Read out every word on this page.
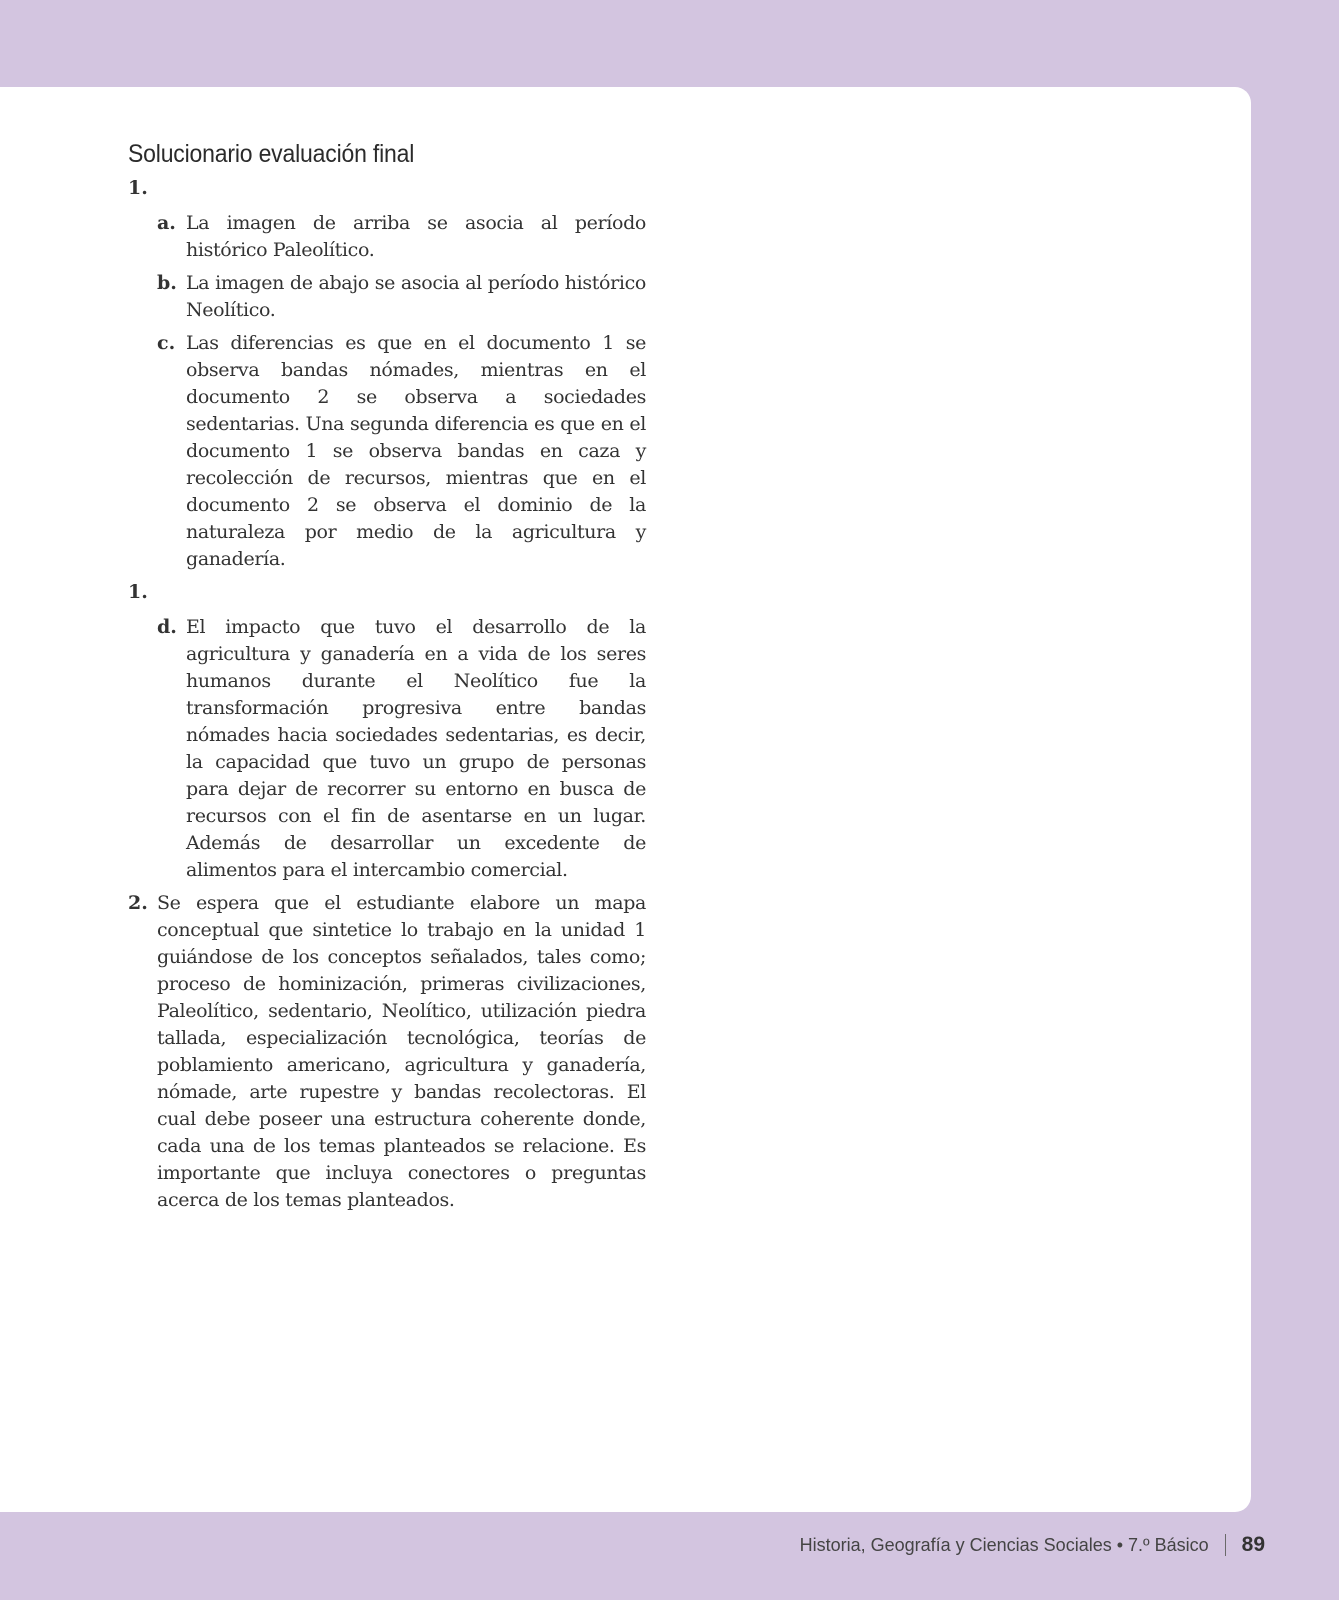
Solucionario evaluación final
1.
a. La imagen de arriba se asocia al período histórico Paleolítico.
b. La imagen de abajo se asocia al período histórico Neolítico.
c. Las diferencias es que en el documento 1 se observa bandas nómades, mientras en el documento 2 se observa a sociedades sedentarias. Una segunda diferencia es que en el documento 1 se observa bandas en caza y recolección de recursos, mientras que en el documento 2 se observa el dominio de la naturaleza por medio de la agricultura y ganadería.
1.
d. El impacto que tuvo el desarrollo de la agricultura y ganadería en a vida de los seres humanos durante el Neolítico fue la transformación progresiva entre bandas nómades hacia sociedades sedentarias, es decir, la capacidad que tuvo un grupo de personas para dejar de recorrer su entorno en busca de recursos con el fin de asentarse en un lugar. Además de desarrollar un excedente de alimentos para el intercambio comercial.
2. Se espera que el estudiante elabore un mapa conceptual que sintetice lo trabajo en la unidad 1 guiándose de los conceptos señalados, tales como; proceso de hominización, primeras civilizaciones, Paleolítico, sedentario, Neolítico, utilización piedra tallada, especialización tecnológica, teorías de poblamiento americano, agricultura y ganadería, nómade, arte rupestre y bandas recolectoras. El cual debe poseer una estructura coherente donde, cada una de los temas planteados se relacione. Es importante que incluya conectores o preguntas acerca de los temas planteados.
Historia, Geografía y Ciencias Sociales • 7.º Básico 89
